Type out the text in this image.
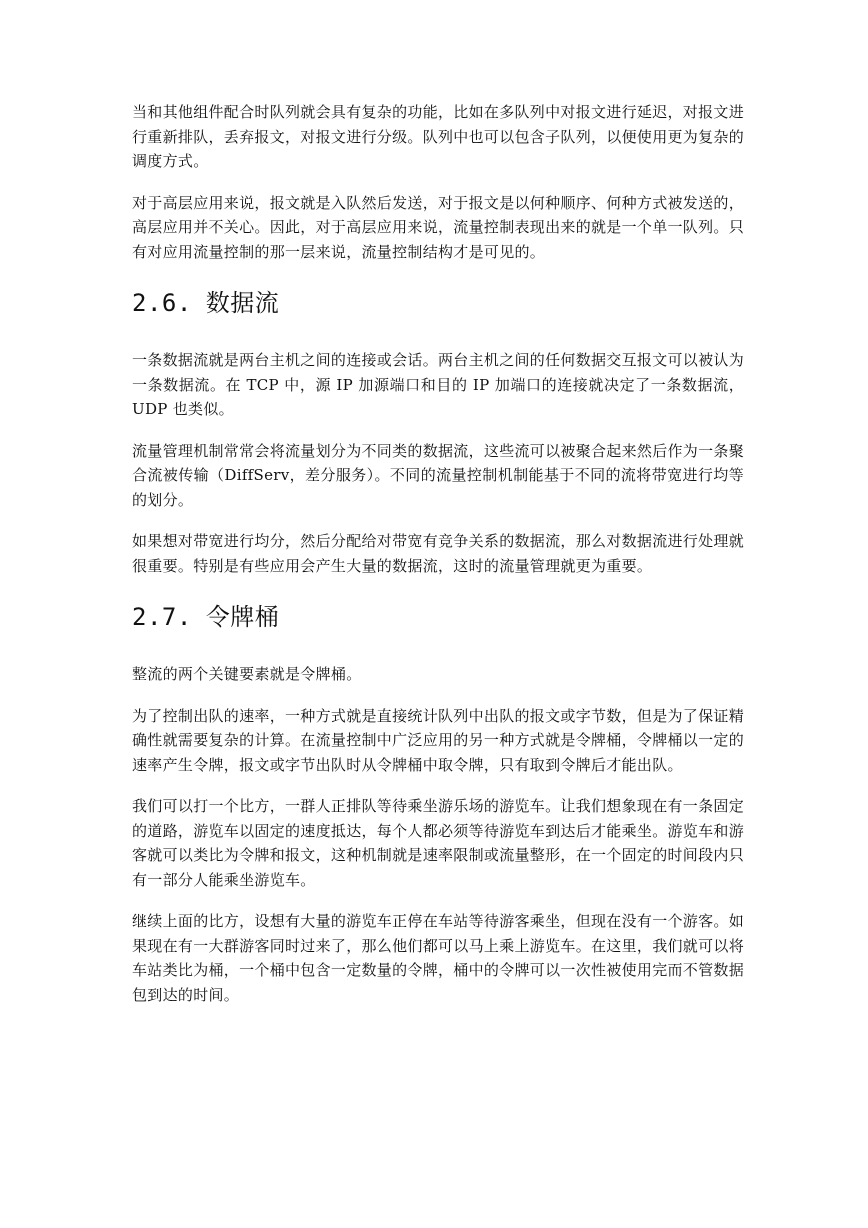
当和其他组件配合时队列就会具有复杂的功能，比如在多队列中对报文进行延迟，对报文进行重新排队，丢弃报文，对报文进行分级。队列中也可以包含子队列，以便使用更为复杂的调度方式。

对于高层应用来说，报文就是入队然后发送，对于报文是以何种顺序、何种方式被发送的，高层应用并不关心。因此，对于高层应用来说，流量控制表现出来的就是一个单一队列。只有对应用流量控制的那一层来说，流量控制结构才是可见的。

2.6. 数据流

一条数据流就是两台主机之间的连接或会话。两台主机之间的任何数据交互报文可以被认为一条数据流。在 TCP 中，源 IP 加源端口和目的 IP 加端口的连接就决定了一条数据流，UDP 也类似。

流量管理机制常常会将流量划分为不同类的数据流，这些流可以被聚合起来然后作为一条聚合流被传输（DiffServ，差分服务）。不同的流量控制机制能基于不同的流将带宽进行均等的划分。

如果想对带宽进行均分，然后分配给对带宽有竞争关系的数据流，那么对数据流进行处理就很重要。特别是有些应用会产生大量的数据流，这时的流量管理就更为重要。

2.7. 令牌桶

整流的两个关键要素就是令牌桶。

为了控制出队的速率，一种方式就是直接统计队列中出队的报文或字节数，但是为了保证精确性就需要复杂的计算。在流量控制中广泛应用的另一种方式就是令牌桶，令牌桶以一定的速率产生令牌，报文或字节出队时从令牌桶中取令牌，只有取到令牌后才能出队。

我们可以打一个比方，一群人正排队等待乘坐游乐场的游览车。让我们想象现在有一条固定的道路，游览车以固定的速度抵达，每个人都必须等待游览车到达后才能乘坐。游览车和游客就可以类比为令牌和报文，这种机制就是速率限制或流量整形，在一个固定的时间段内只有一部分人能乘坐游览车。

继续上面的比方，设想有大量的游览车正停在车站等待游客乘坐，但现在没有一个游客。如果现在有一大群游客同时过来了，那么他们都可以马上乘上游览车。在这里，我们就可以将车站类比为桶，一个桶中包含一定数量的令牌，桶中的令牌可以一次性被使用完而不管数据包到达的时间。
